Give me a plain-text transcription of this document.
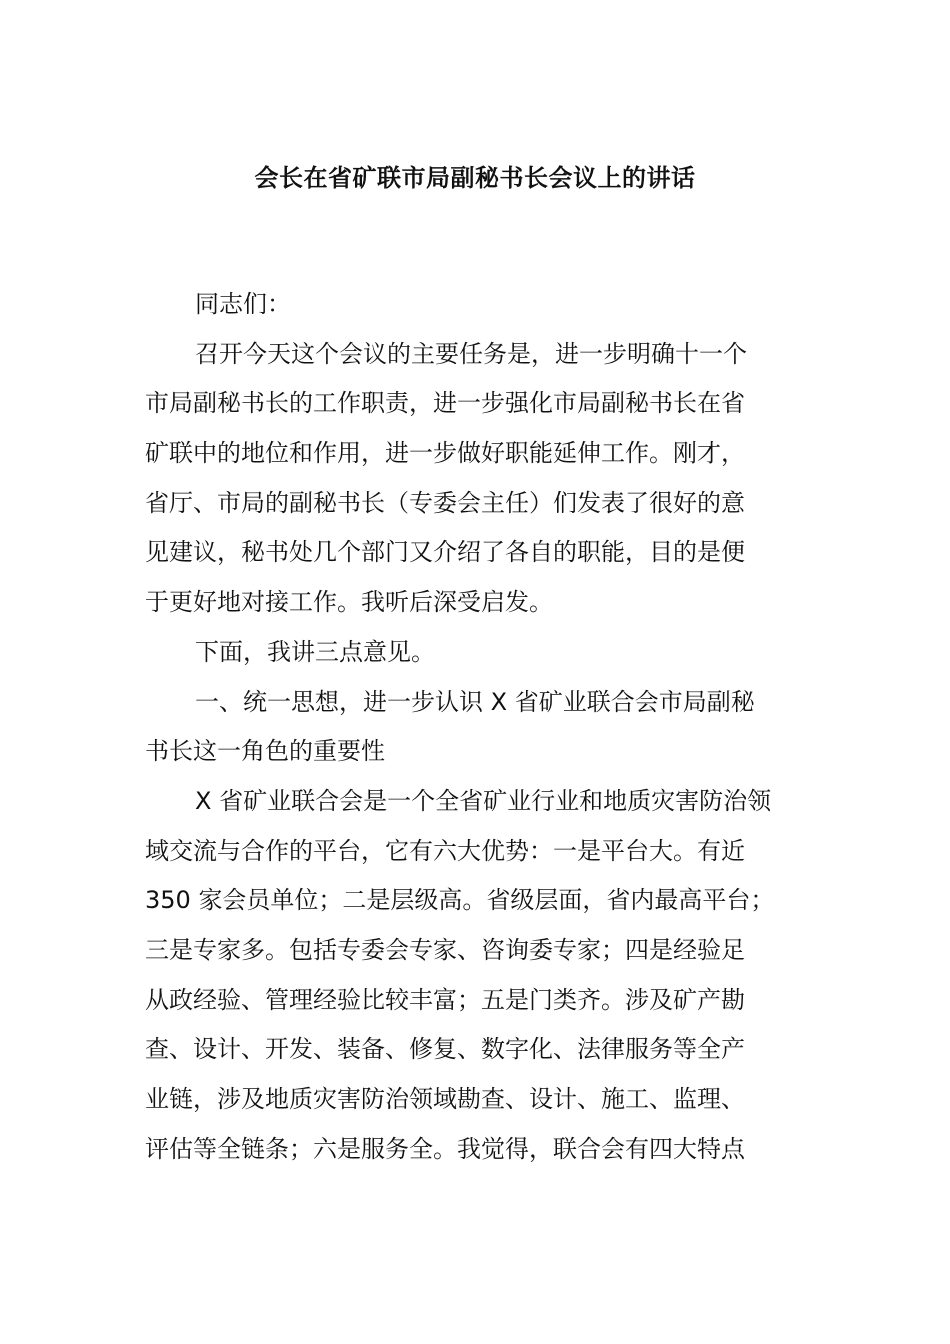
会长在省矿联市局副秘书长会议上的讲话
同志们：
召开今天这个会议的主要任务是，进一步明确十一个
市局副秘书长的工作职责，进一步强化市局副秘书长在省
矿联中的地位和作用，进一步做好职能延伸工作。刚才，
省厅、市局的副秘书长（专委会主任）们发表了很好的意
见建议，秘书处几个部门又介绍了各自的职能，目的是便
于更好地对接工作。我听后深受启发。
下面，我讲三点意见。
一、统一思想，进一步认识 X 省矿业联合会市局副秘
书长这一角色的重要性
X 省矿业联合会是一个全省矿业行业和地质灾害防治领
域交流与合作的平台，它有六大优势：一是平台大。有近
350 家会员单位；二是层级高。省级层面，省内最高平台；
三是专家多。包括专委会专家、咨询委专家；四是经验足
从政经验、管理经验比较丰富；五是门类齐。涉及矿产勘
查、设计、开发、装备、修复、数字化、法律服务等全产
业链，涉及地质灾害防治领域勘查、设计、施工、监理、
评估等全链条；六是服务全。我觉得，联合会有四大特点
